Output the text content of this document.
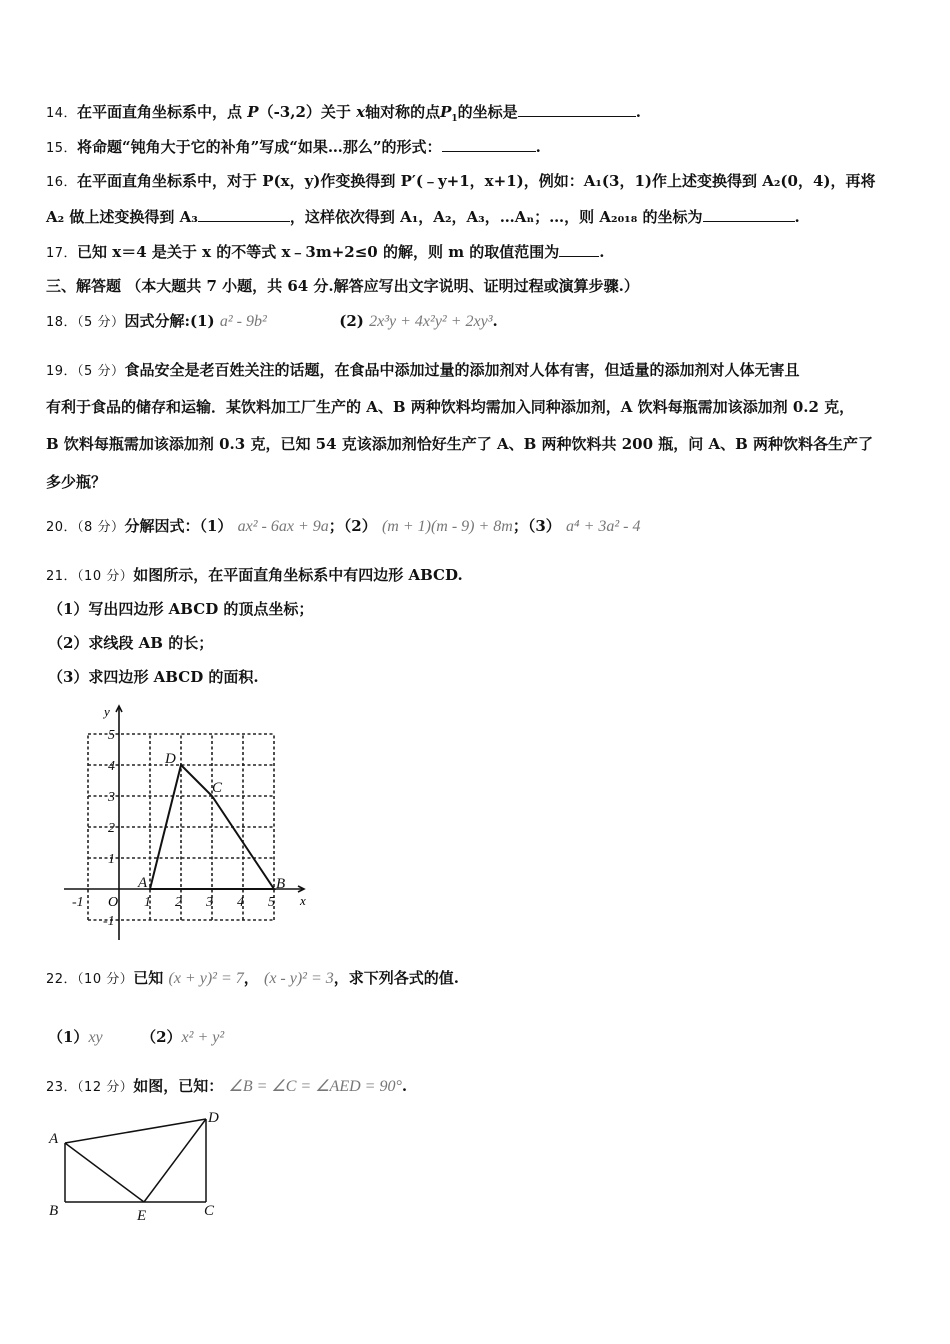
14．在平面直角坐标系中，点 P（-3,2）关于 x轴对称的点$P_1$的坐标是	.
15．将命题“钝角大于它的补角”写成“如果…那么”的形式：	.
16．在平面直角坐标系中，对于 P(x，y)作变换得到 P′(﹣y+1，x+1)，例如：A₁(3，1)作上述变换得到 A₂(0，4)，再将
A₂ 做上述变换得到 A₃	，这样依次得到 A₁，A₂，A₃，…Aₙ；…，则 A₂₀₁₈ 的坐标为	.
17．已知 x＝4 是关于 x 的不等式 x﹣3m+2≤0 的解，则 m 的取值范围为	.
三、解答题 （本大题共 7 小题，共 64 分.解答应写出文字说明、证明过程或演算步骤.）
18．（5 分）因式分解:(1) a² - 9b²	(2) 2x³y + 4x²y² + 2xy³.
19．（5 分）食品安全是老百姓关注的话题，在食品中添加过量的添加剂对人体有害，但适量的添加剂对人体无害且
有利于食品的储存和运输．某饮料加工厂生产的 A、B 两种饮料均需加入同种添加剂，A 饮料每瓶需加该添加剂 0.2 克，
B 饮料每瓶需加该添加剂 0.3 克，已知 54 克该添加剂恰好生产了 A、B 两种饮料共 200 瓶，问 A、B 两种饮料各生产了
多少瓶？
20．（8 分）分解因式：（1） ax² - 6ax + 9a；（2） (m + 1)(m - 9) + 8m；（3） a⁴ + 3a² - 4
21．（10 分）如图所示，在平面直角坐标系中有四边形 ABCD.
（1）写出四边形 ABCD 的顶点坐标；
（2）求线段 AB 的长；
（3）求四边形 ABCD 的面积.
-1	1 2 3 4 5
5
4
3
2
1
-1
A	B
C
D
x
y
O
22．（10 分）已知 (x + y)² = 7， (x - y)² = 3，求下列各式的值.
（1）xy	（2）x² + y²
23．（12 分）如图，已知： ∠B = ∠C = ∠AED = 90°.
A
B	E	C
D
